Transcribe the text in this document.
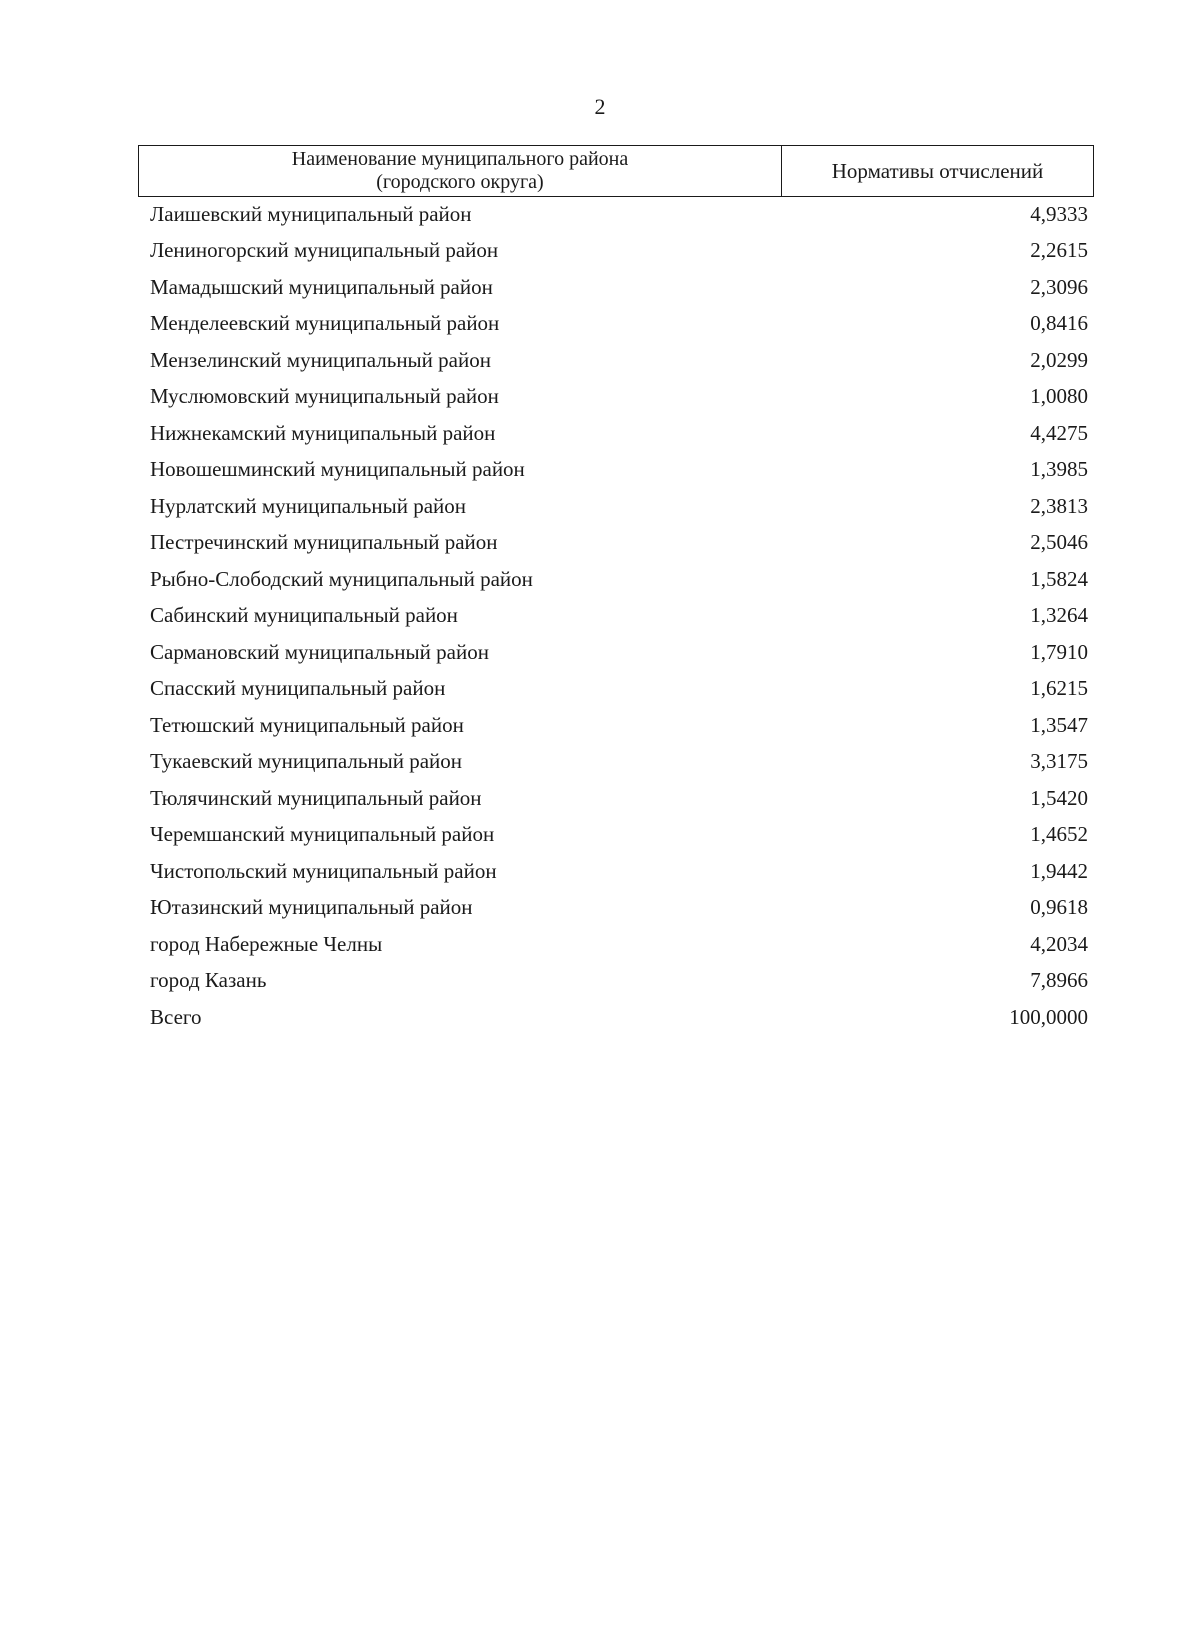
2
Наименование муниципального района
(городского округа)	Нормативы отчислений
Лаишевский муниципальный район	4,9333
Лениногорский муниципальный район	2,2615
Мамадышский муниципальный район	2,3096
Менделеевский муниципальный район	0,8416
Мензелинский муниципальный район	2,0299
Муслюмовский муниципальный район	1,0080
Нижнекамский муниципальный район	4,4275
Новошешминский муниципальный район	1,3985
Нурлатский муниципальный район	2,3813
Пестречинский муниципальный район	2,5046
Рыбно-Слободский муниципальный район	1,5824
Сабинский муниципальный район	1,3264
Сармановский муниципальный район	1,7910
Спасский муниципальный район	1,6215
Тетюшский муниципальный район	1,3547
Тукаевский муниципальный район	3,3175
Тюлячинский муниципальный район	1,5420
Черемшанский муниципальный район	1,4652
Чистопольский муниципальный район	1,9442
Ютазинский муниципальный район	0,9618
город Набережные Челны	4,2034
город Казань	7,8966
Всего	100,0000
